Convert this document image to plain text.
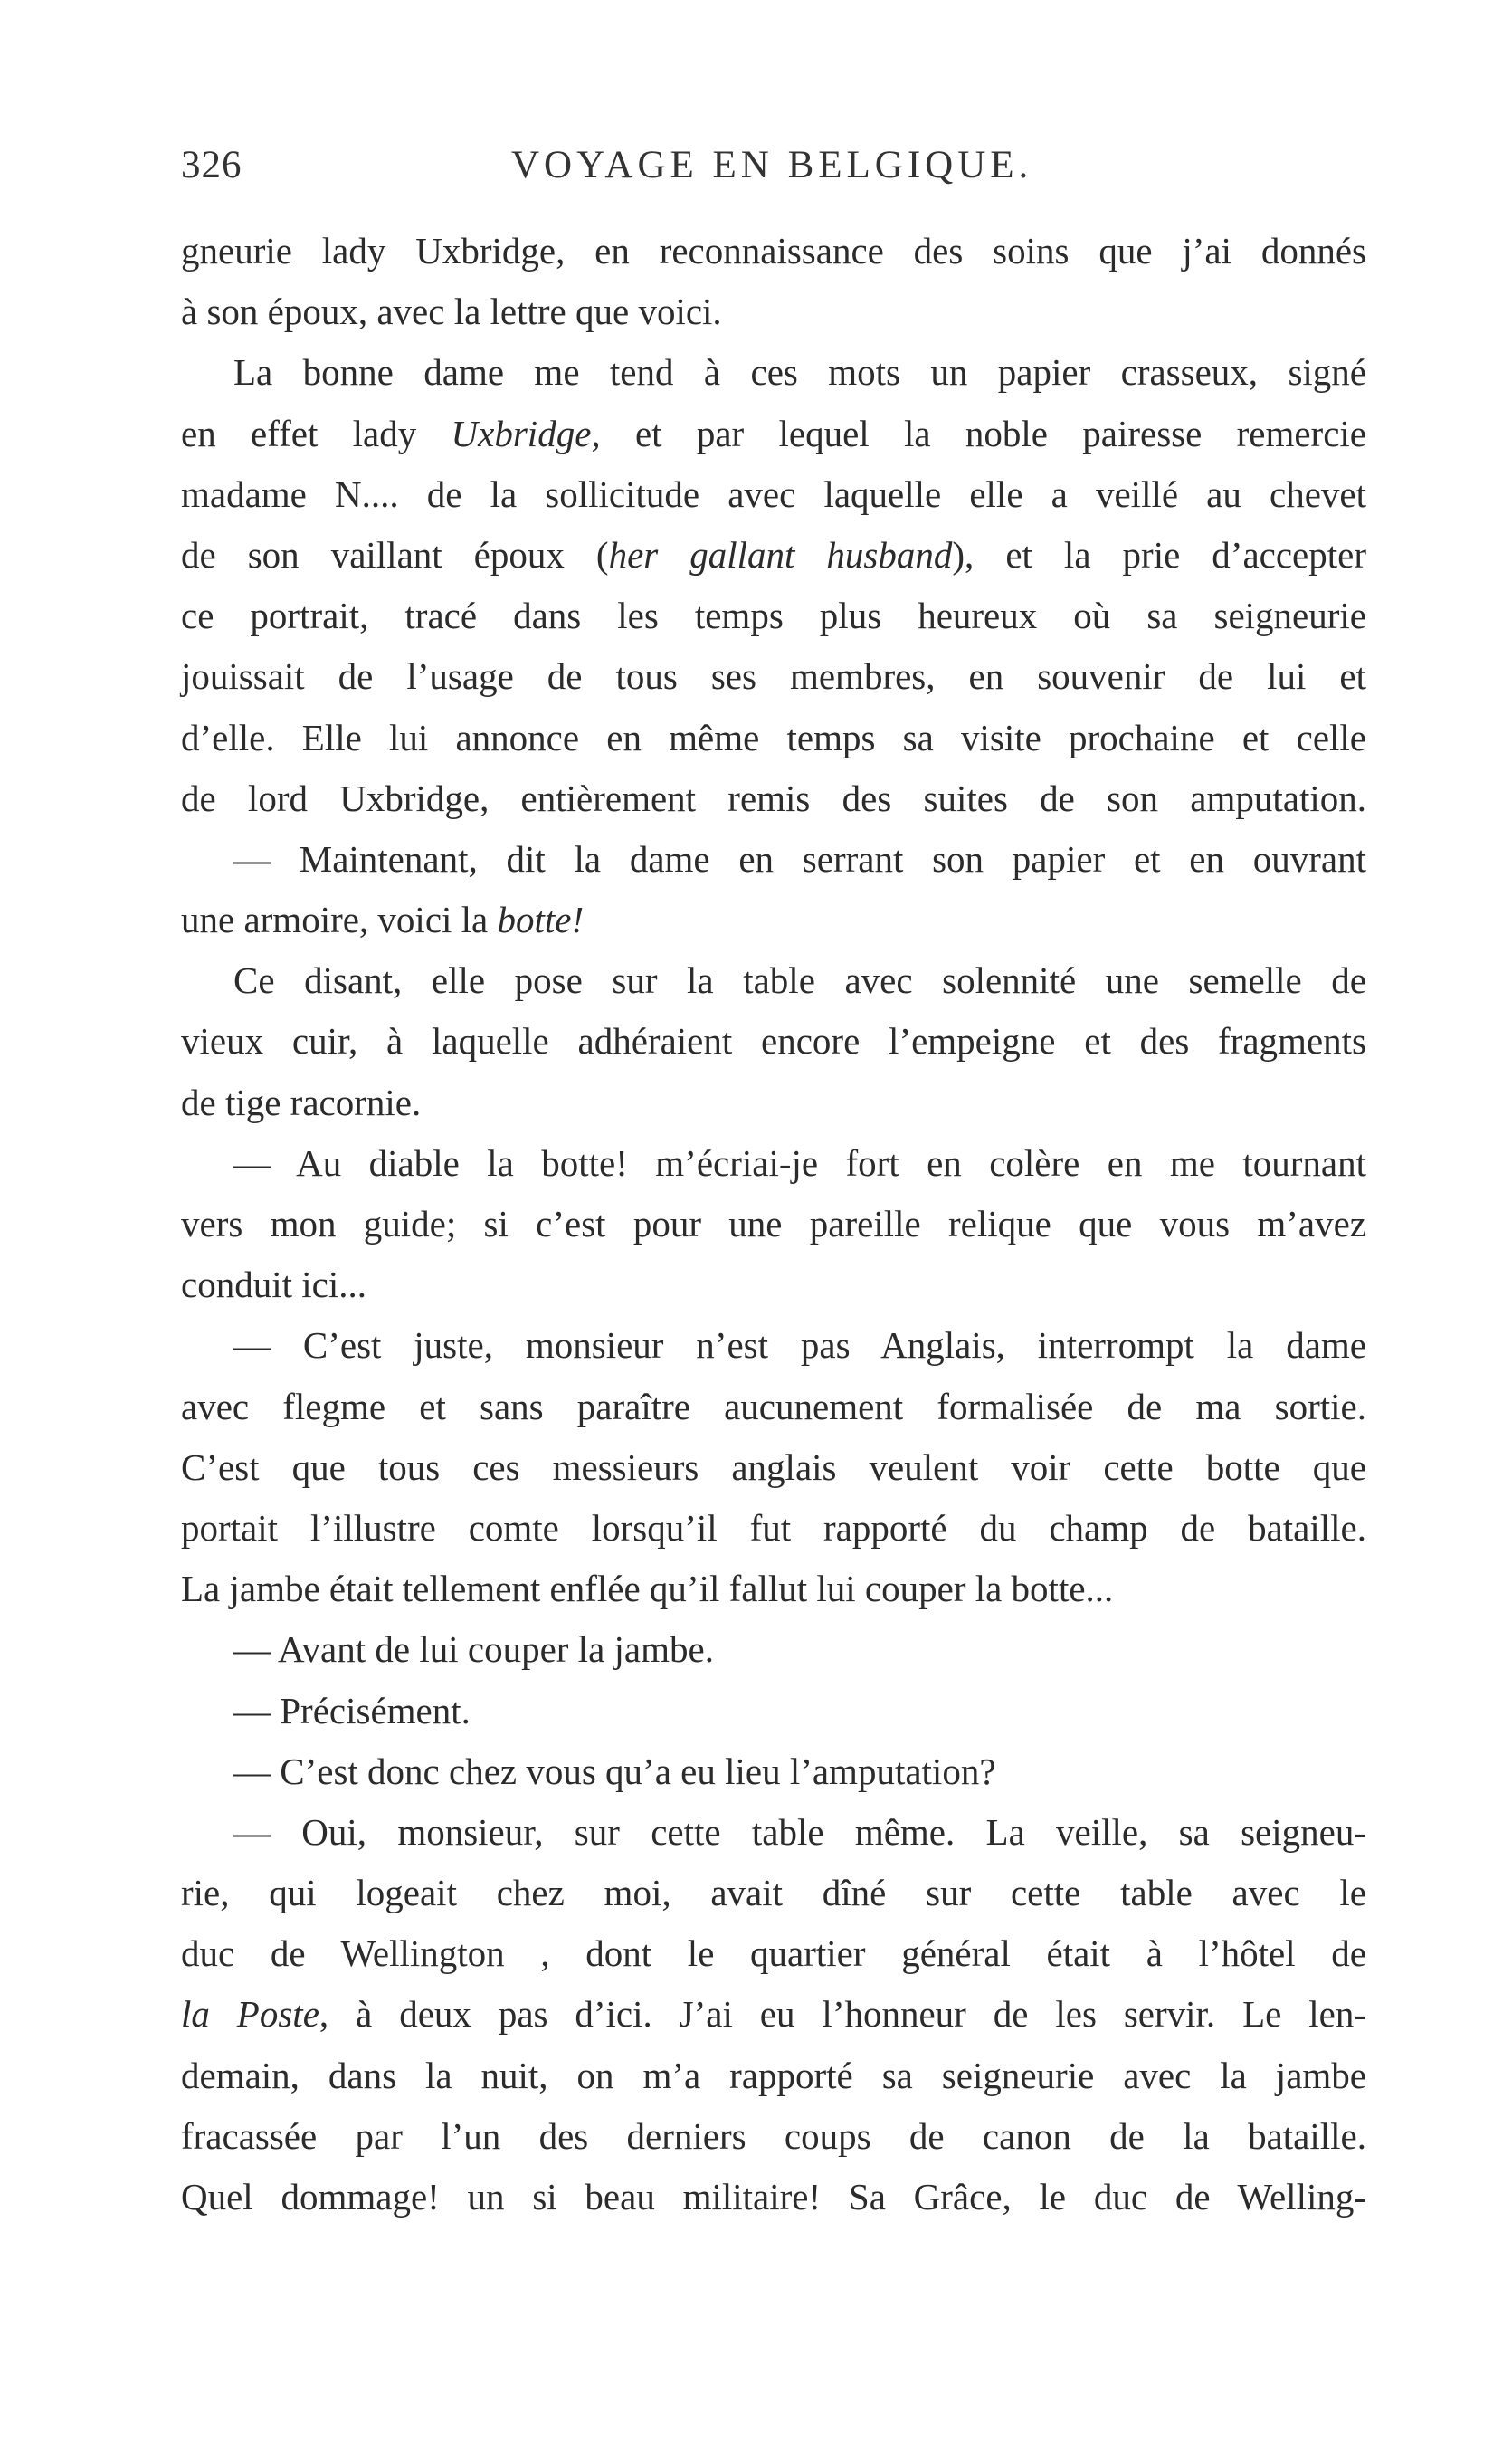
326	VOYAGE EN BELGIQUE.
gneurie lady Uxbridge, en reconnaissance des soins que j’ai donnés
à son époux, avec la lettre que voici.
La bonne dame me tend à ces mots un papier crasseux, signé
en effet lady Uxbridge, et par lequel la noble pairesse remercie
madame N.... de la sollicitude avec laquelle elle a veillé au chevet
de son vaillant époux (her gallant husband), et la prie d’accepter
ce portrait, tracé dans les temps plus heureux où sa seigneurie
jouissait de l’usage de tous ses membres, en souvenir de lui et
d’elle. Elle lui annonce en même temps sa visite prochaine et celle
de lord Uxbridge, entièrement remis des suites de son amputation.
— Maintenant, dit la dame en serrant son papier et en ouvrant
une armoire, voici la botte!
Ce disant, elle pose sur la table avec solennité une semelle de
vieux cuir, à laquelle adhéraient encore l’empeigne et des fragments
de tige racornie.
— Au diable la botte! m’écriai-je fort en colère en me tournant
vers mon guide; si c’est pour une pareille relique que vous m’avez
conduit ici...
— C’est juste, monsieur n’est pas Anglais, interrompt la dame
avec flegme et sans paraître aucunement formalisée de ma sortie.
C’est que tous ces messieurs anglais veulent voir cette botte que
portait l’illustre comte lorsqu’il fut rapporté du champ de bataille.
La jambe était tellement enflée qu’il fallut lui couper la botte...
— Avant de lui couper la jambe.
— Précisément.
— C’est donc chez vous qu’a eu lieu l’amputation?
— Oui, monsieur, sur cette table même. La veille, sa seigneu-
rie, qui logeait chez moi, avait dîné sur cette table avec le
duc de Wellington , dont le quartier général était à l’hôtel de
la Poste, à deux pas d’ici. J’ai eu l’honneur de les servir. Le len-
demain, dans la nuit, on m’a rapporté sa seigneurie avec la jambe
fracassée par l’un des derniers coups de canon de la bataille.
Quel dommage! un si beau militaire! Sa Grâce, le duc de Welling-
